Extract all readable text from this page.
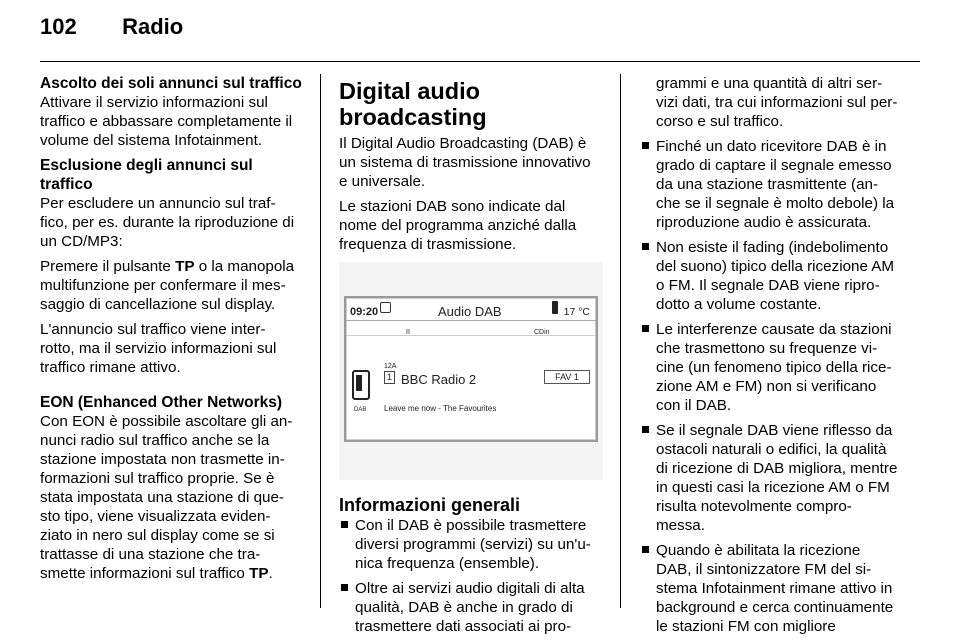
102 Radio
Ascolto dei soli annunci sul traffico

Attivare il servizio informazioni sul
traffico e abbassare completamente il
volume del sistema Infotainment.

Esclusione degli annunci sul traffico

Per escludere un annuncio sul traf-
fico, per es. durante la riproduzione di
un CD/MP3:

Premere il pulsante TP o la manopola
multifunzione per confermare il mes-
saggio di cancellazione sul display.

L'annuncio sul traffico viene inter-
rotto, ma il servizio informazioni sul
traffico rimane attivo.

EON (Enhanced Other Networks)

Con EON è possibile ascoltare gli an-
nunci radio sul traffico anche se la
stazione impostata non trasmette in-
formazioni sul traffico proprie. Se è
stata impostata una stazione di que-
sto tipo, viene visualizzata eviden-
ziato in nero sul display come se si
trattasse di una stazione che tra-
smette informazioni sul traffico TP.

Digital audio broadcasting

Il Digital Audio Broadcasting (DAB) è
un sistema di trasmissione innovativo
e universale.

Le stazioni DAB sono indicate dal
nome del programma anziché dalla
frequenza di trasmissione.

09:20	Audio DAB	17 °C
II	CDin
DAB
12A
1 BBC Radio 2	FAV 1
Leave me now - The Favourites
Informazioni generali
Con il DAB è possibile trasmettere
diversi programmi (servizi) su un'u-
nica frequenza (ensemble).
Oltre ai servizi audio digitali di alta
qualità, DAB è anche in grado di
trasmettere dati associati ai pro-

grammi e una quantità di altri ser-
vizi dati, tra cui informazioni sul per-
corso e sul traffico.

Finché un dato ricevitore DAB è in
grado di captare il segnale emesso
da una stazione trasmittente (an-
che se il segnale è molto debole) la
riproduzione audio è assicurata.
Non esiste il fading (indebolimento
del suono) tipico della ricezione AM
o FM. Il segnale DAB viene ripro-
dotto a volume costante.
Le interferenze causate da stazioni
che trasmettono su frequenze vi-
cine (un fenomeno tipico della rice-
zione AM e FM) non si verificano
con il DAB.
Se il segnale DAB viene riflesso da
ostacoli naturali o edifici, la qualità
di ricezione di DAB migliora, mentre
in questi casi la ricezione AM o FM
risulta notevolmente compro-
messa.
Quando è abilitata la ricezione
DAB, il sintonizzatore FM del si-
stema Infotainment rimane attivo in
background e cerca continuamente
le stazioni FM con migliore
